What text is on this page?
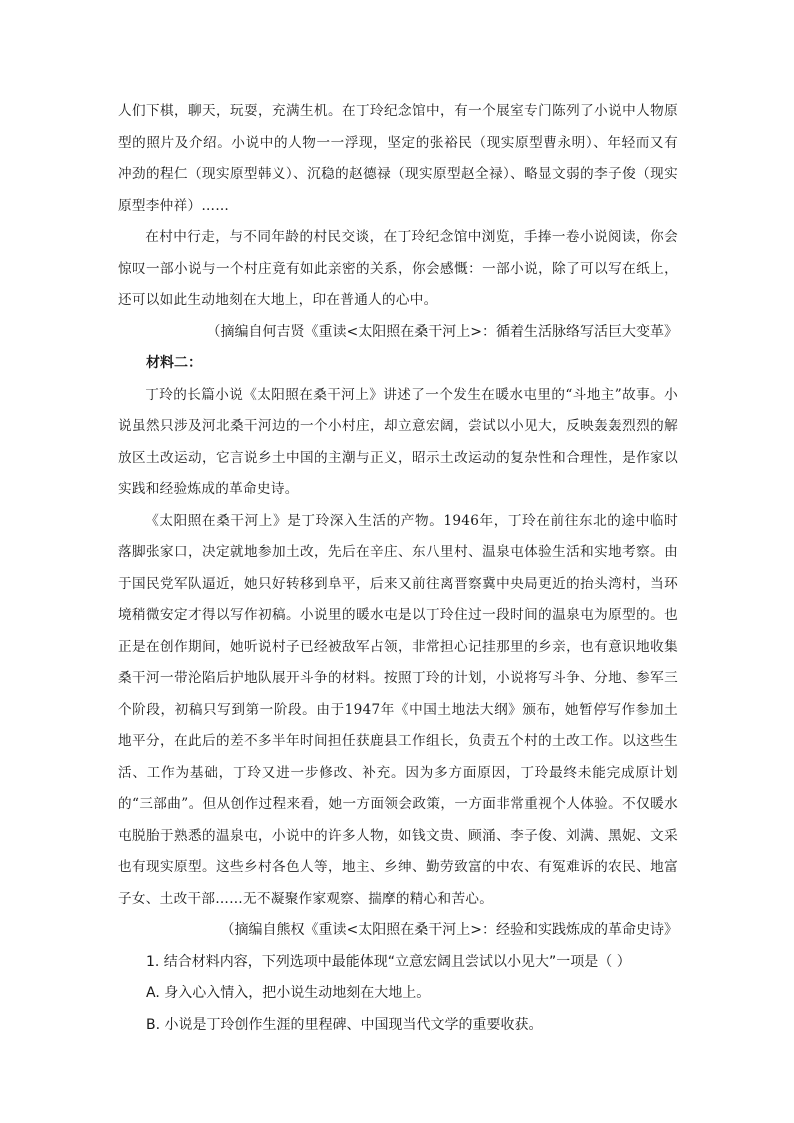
人们下棋，聊天，玩耍，充满生机。在丁玲纪念馆中，有一个展室专门陈列了小说中人物原型的照片及介绍。小说中的人物一一浮现，坚定的张裕民（现实原型曹永明）、年轻而又有冲劲的程仁（现实原型韩义）、沉稳的赵德禄（现实原型赵全禄）、略显文弱的李子俊（现实原型李仲祥）……

在村中行走，与不同年龄的村民交谈，在丁玲纪念馆中浏览，手捧一卷小说阅读，你会惊叹一部小说与一个村庄竟有如此亲密的关系，你会感慨：一部小说，除了可以写在纸上，还可以如此生动地刻在大地上，印在普通人的心中。

（摘编自何吉贤《重读<太阳照在桑干河上>：循着生活脉络写活巨大变革》

材料二：

丁玲的长篇小说《太阳照在桑干河上》讲述了一个发生在暖水屯里的“斗地主”故事。小说虽然只涉及河北桑干河边的一个小村庄，却立意宏阔，尝试以小见大，反映轰轰烈烈的解放区土改运动，它言说乡土中国的主潮与正义，昭示土改运动的复杂性和合理性，是作家以实践和经验炼成的革命史诗。

《太阳照在桑干河上》是丁玲深入生活的产物。1946年，丁玲在前往东北的途中临时落脚张家口，决定就地参加土改，先后在辛庄、东八里村、温泉屯体验生活和实地考察。由于国民党军队逼近，她只好转移到阜平，后来又前往离晋察冀中央局更近的抬头湾村，当环境稍微安定才得以写作初稿。小说里的暖水屯是以丁玲住过一段时间的温泉屯为原型的。也正是在创作期间，她听说村子已经被敌军占领，非常担心记挂那里的乡亲，也有意识地收集桑干河一带沦陷后护地队展开斗争的材料。按照丁玲的计划，小说将写斗争、分地、参军三个阶段，初稿只写到第一阶段。由于1947年《中国土地法大纲》颁布，她暂停写作参加土地平分，在此后的差不多半年时间担任获鹿县工作组长，负责五个村的土改工作。以这些生活、工作为基础，丁玲又进一步修改、补充。因为多方面原因，丁玲最终未能完成原计划的“三部曲”。但从创作过程来看，她一方面领会政策，一方面非常重视个人体验。不仅暖水屯脱胎于熟悉的温泉屯，小说中的许多人物，如钱文贵、顾涌、李子俊、刘满、黑妮、文采也有现实原型。这些乡村各色人等，地主、乡绅、勤劳致富的中农、有冤难诉的农民、地富子女、土改干部……无不凝聚作家观察、揣摩的精心和苦心。

（摘编自熊权《重读<太阳照在桑干河上>：经验和实践炼成的革命史诗》

1. 结合材料内容，下列选项中最能体现“立意宏阔且尝试以小见大”一项是（ ）

A. 身入心入情入，把小说生动地刻在大地上。

B. 小说是丁玲创作生涯的里程碑、中国现当代文学的重要收获。
